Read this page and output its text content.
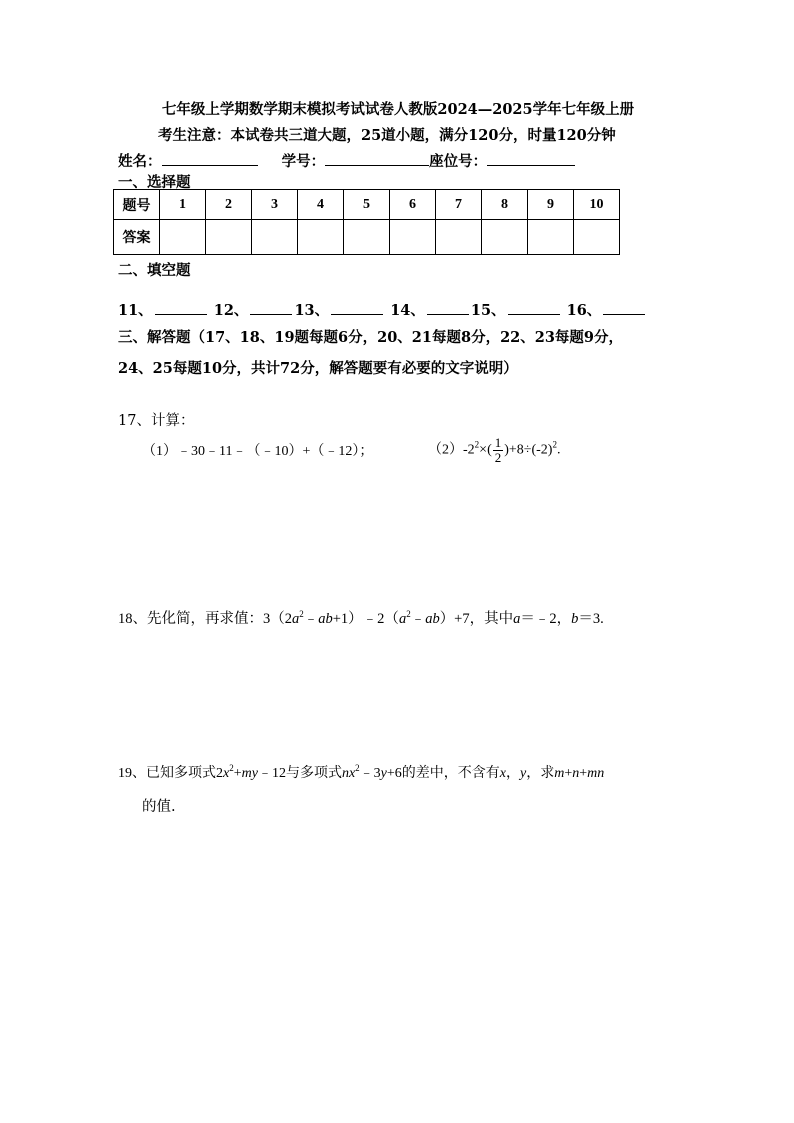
七年级上学期数学期末模拟考试试卷人教版2024—2025学年七年级上册
考生注意：本试卷共三道大题，25道小题，满分120分，时量120分钟
姓名：	学号：	座位号：
一、选择题
题号	1	2	3	4	5	6	7	8	9	10
答案										
二、填空题
11、	12、	13、	14、	15、	16、
三、解答题（17、18、19题每题6分，20、21每题8分，22、23每题9分，
24、25每题10分，共计72分，解答题要有必要的文字说明）
17、计算：
（1）﹣30﹣11﹣（﹣10）+（﹣12）；	$(2)-2^2\times( \frac{1}{2} )+8\div(-2)^2$.
18、先化简，再求值：$3(2a^2﹣ab+1)﹣2(a^2﹣ab)+7$，其中a＝﹣2，b＝3.
19、已知多项式$2x^2+my﹣12$与多项式$nx^2﹣3y+6$的差中，不含有x，y，求m+n+mn
的值.
